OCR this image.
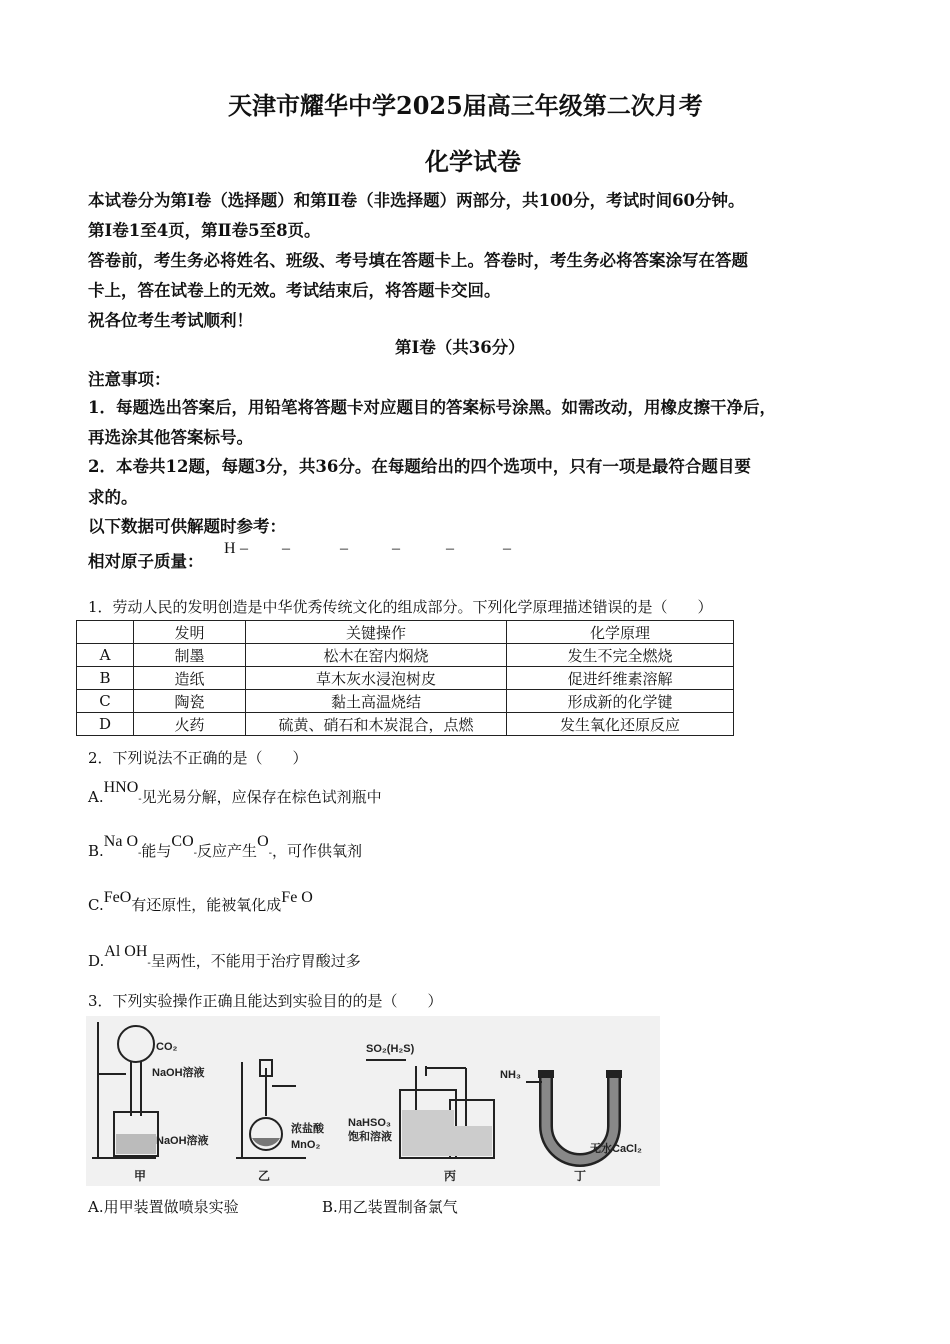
天津市耀华中学2025届高三年级第二次月考
化学试卷
本试卷分为第Ⅰ卷（选择题）和第Ⅱ卷（非选择题）两部分，共100分，考试时间60分钟。
第Ⅰ卷1至4页，第Ⅱ卷5至8页。
答卷前，考生务必将姓名、班级、考号填在答题卡上。答卷时，考生务必将答案涂写在答题
卡上，答在试卷上的无效。考试结束后，将答题卡交回。
祝各位考生考试顺利！
第Ⅰ卷（共36分）
注意事项：
1．每题选出答案后，用铅笔将答题卡对应题目的答案标号涂黑。如需改动，用橡皮擦干净后，
再选涂其他答案标号。
2．本卷共12题，每题3分，共36分。在每题给出的四个选项中，只有一项是最符合题目要
求的。
以下数据可供解题时参考：
相对原子质量：
H – –	–	–	–	–
1．劳动人民的发明创造是中华优秀传统文化的组成部分。下列化学原理描述错误的是（　　）
	发明	关键操作	化学原理
A	制墨	松木在窑内焖烧	发生不完全燃烧
B	造纸	草木灰水浸泡树皮	促进纤维素溶解
C	陶瓷	黏土高温烧结	形成新的化学键
D	火药	硫黄、硝石和木炭混合，点燃	发生氧化还原反应
2．下列说法不正确的是（　　）
A.HNO-见光易分解，应保存在棕色试剂瓶中
B.Na O-能与CO-反应产生O-，可作供氧剂
C.FeO有还原性，能被氧化成Fe O
D.Al OH-呈两性，不能用于治疗胃酸过多
3．下列实验操作正确且能达到实验目的的是（　　）
CO₂
NaOH溶液
NaOH溶液
甲
浓盐酸
MnO₂
乙
SO₂(H₂S)
NaHSO₃
饱和溶液
丙
NH₃
无水CaCl₂
丁
A.用甲装置做喷泉实验	B.用乙装置制备氯气
